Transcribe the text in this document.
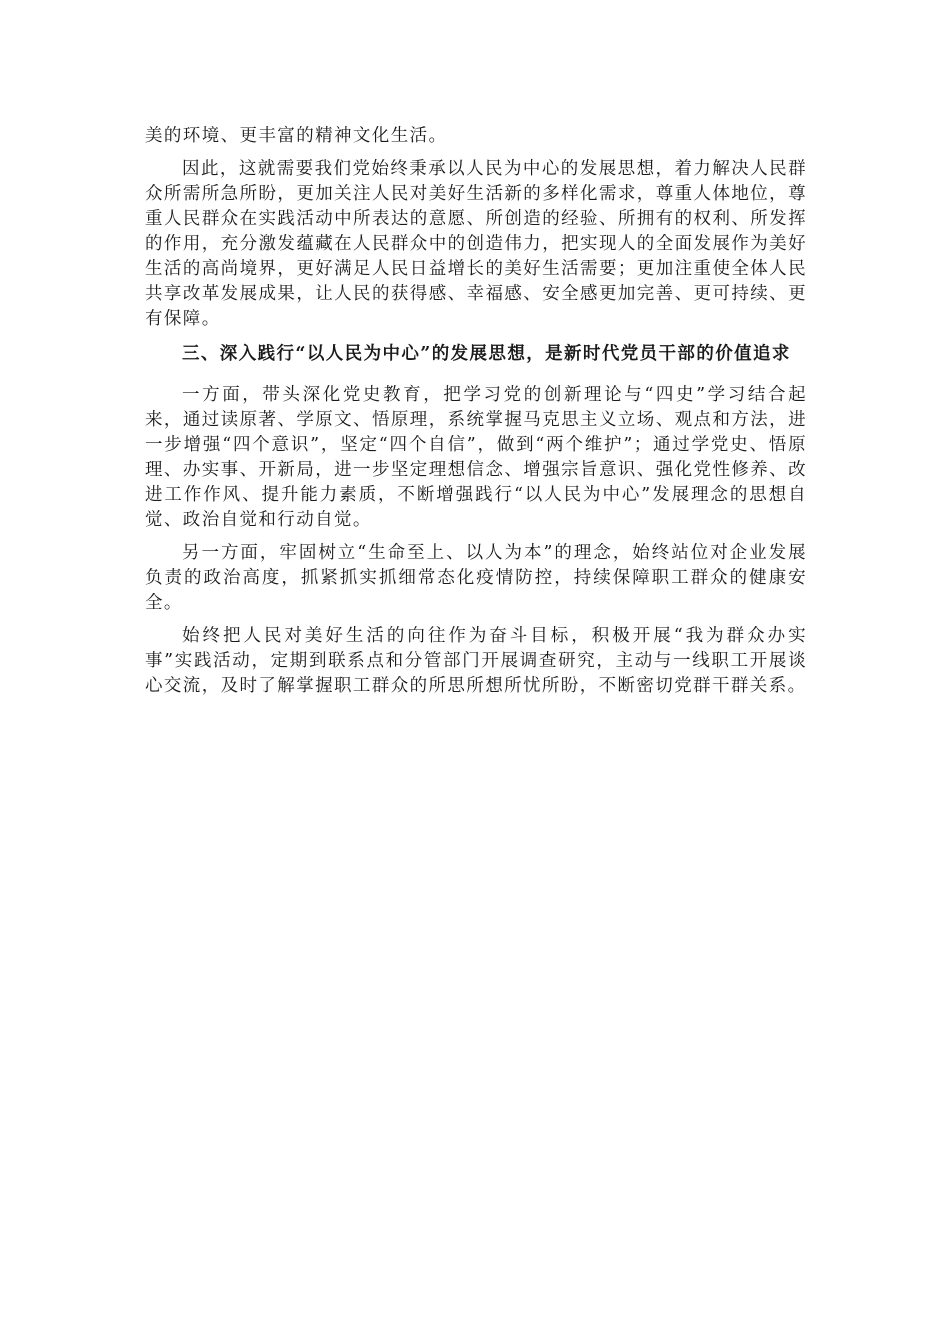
美的环境、更丰富的精神文化生活。

因此，这就需要我们党始终秉承以人民为中心的发展思想，着力解决人民群众所需所急所盼，更加关注人民对美好生活新的多样化需求，尊重人体地位，尊重人民群众在实践活动中所表达的意愿、所创造的经验、所拥有的权利、所发挥的作用，充分激发蕴藏在人民群众中的创造伟力，把实现人的全面发展作为美好生活的高尚境界，更好满足人民日益增长的美好生活需要；更加注重使全体人民共享改革发展成果，让人民的获得感、幸福感、安全感更加完善、更可持续、更有保障。

三、深入践行“以人民为中心”的发展思想，是新时代党员干部的价值追求

一方面，带头深化党史教育，把学习党的创新理论与“四史”学习结合起来，通过读原著、学原文、悟原理，系统掌握马克思主义立场、观点和方法，进一步增强“四个意识”，坚定“四个自信”，做到“两个维护”；通过学党史、悟原理、办实事、开新局，进一步坚定理想信念、增强宗旨意识、强化党性修养、改进工作作风、提升能力素质，不断增强践行“以人民为中心”发展理念的思想自觉、政治自觉和行动自觉。

另一方面，牢固树立“生命至上、以人为本”的理念，始终站位对企业发展负责的政治高度，抓紧抓实抓细常态化疫情防控，持续保障职工群众的健康安全。

始终把人民对美好生活的向往作为奋斗目标，积极开展“我为群众办实事”实践活动，定期到联系点和分管部门开展调查研究，主动与一线职工开展谈心交流，及时了解掌握职工群众的所思所想所忧所盼，不断密切党群干群关系。
